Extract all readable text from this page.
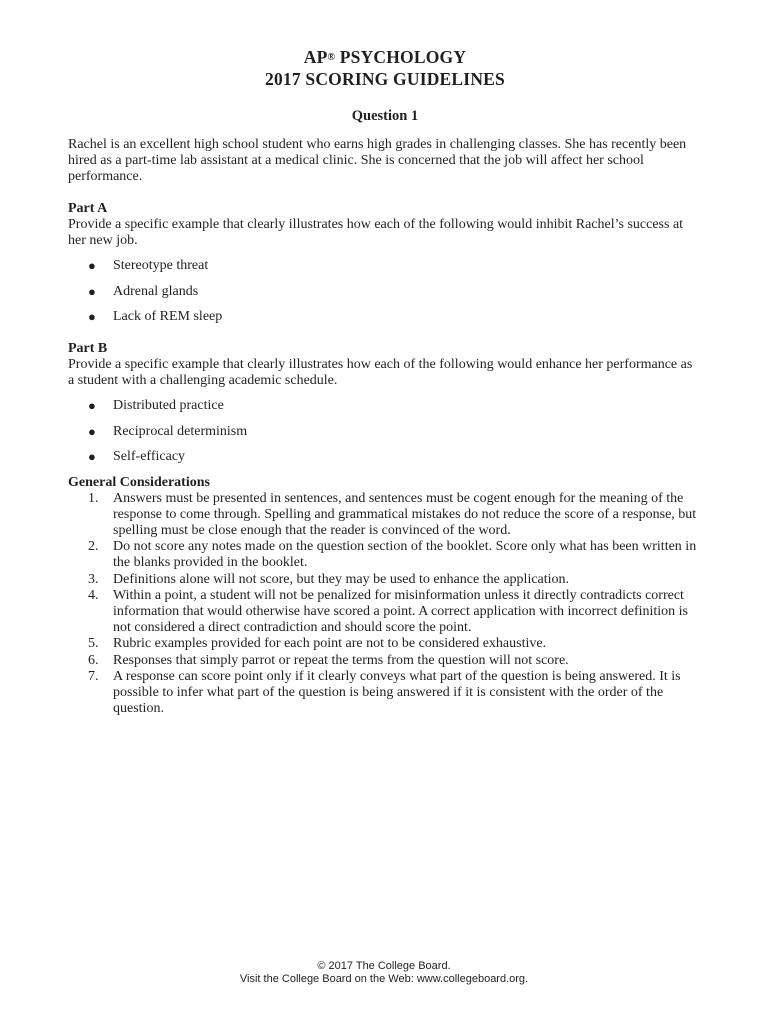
AP® PSYCHOLOGY
2017 SCORING GUIDELINES
Question 1
Rachel is an excellent high school student who earns high grades in challenging classes. She has recently been hired as a part-time lab assistant at a medical clinic. She is concerned that the job will affect her school performance.
Part A
Provide a specific example that clearly illustrates how each of the following would inhibit Rachel’s success at her new job.
● Stereotype threat
● Adrenal glands
● Lack of REM sleep
Part B
Provide a specific example that clearly illustrates how each of the following would enhance her performance as a student with a challenging academic schedule.
● Distributed practice
● Reciprocal determinism
● Self-efficacy
General Considerations
1. Answers must be presented in sentences, and sentences must be cogent enough for the meaning of the response to come through. Spelling and grammatical mistakes do not reduce the score of a response, but spelling must be close enough that the reader is convinced of the word.
2. Do not score any notes made on the question section of the booklet. Score only what has been written in the blanks provided in the booklet.
3. Definitions alone will not score, but they may be used to enhance the application.
4. Within a point, a student will not be penalized for misinformation unless it directly contradicts correct information that would otherwise have scored a point. A correct application with incorrect definition is not considered a direct contradiction and should score the point.
5. Rubric examples provided for each point are not to be considered exhaustive.
6. Responses that simply parrot or repeat the terms from the question will not score.
7. A response can score point only if it clearly conveys what part of the question is being answered. It is possible to infer what part of the question is being answered if it is consistent with the order of the question.
© 2017 The College Board.
Visit the College Board on the Web: www.collegeboard.org.
